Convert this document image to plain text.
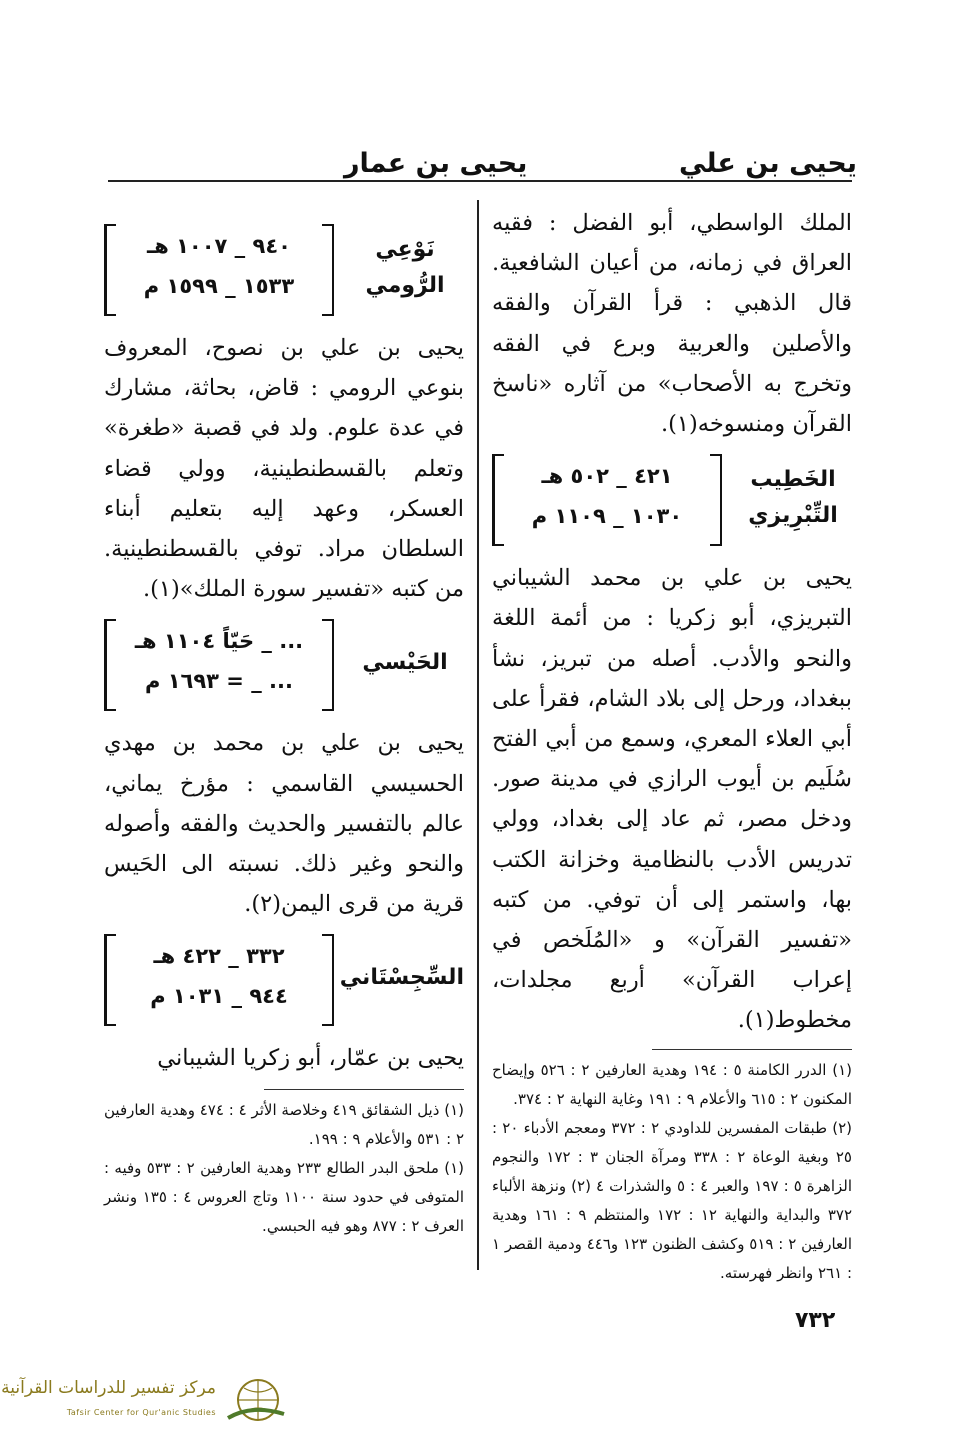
يحيى بن علي
يحيى بن عمار

الملك الواسطي، أبو الفضل : فقيه العراق في زمانه، من أعيان الشافعية. قال الذهبي : قرأ القرآن والفقه والأصلين والعربية وبرع في الفقه وتخرج به الأصحاب» من آثاره «ناسخ القرآن ومنسوخه(١).

الخَطِيب
التِّبْرِيزي
٤٢١ _ ٥٠٢ هـ
١٠٣٠ _ ١١٠٩ م

يحيى بن علي بن محمد الشيباني التبريزي، أبو زكريا : من أئمة اللغة والنحو والأدب. أصله من تبريز، نشأ ببغداد، ورحل إلى بلاد الشام، فقرأ على أبي العلاء المعري، وسمع من أبي الفتح سُلَيم بن أيوب الرازي في مدينة صور. ودخل مصر، ثم عاد إلى بغداد، وولي تدريس الأدب بالنظامية وخزانة الكتب بها، واستمر إلى أن توفي. من كتبه «تفسير القرآن» و «المُلَخص في إعراب القرآن» أربع مجلدات، مخطوط(١).

(١) الدرر الكامنة ٥ : ١٩٤ وهدية العارفين ٢ : ٥٢٦ وإيضاح المكنون ٢ : ٦١٥ والأعلام ٩ : ١٩١ وغاية النهاية ٢ : ٣٧٤.

(٢) طبقات المفسرين للداودي ٢ : ٣٧٢ ومعجم الأدباء ٢٠ : ٢٥ وبغية الوعاة ٢ : ٣٣٨ ومرآة الجنان ٣ : ١٧٢ والنجوم الزاهرة ٥ : ١٩٧ والعبر ٤ : ٥ والشذرات ٤ (٢) ونزهة الألباء ٣٧٢ والبداية والنهاية ١٢ : ١٧٢ والمنتظم ٩ : ١٦١ وهدية العارفين ٢ : ٥١٩ وكشف الظنون ١٢٣ و٤٤٦ ودمية القصر ١ : ٢٦١ وانظر فهرسته.

نَوْعِي
الرُّومي
٩٤٠ _ ١٠٠٧ هـ
١٥٣٣ _ ١٥٩٩ م

يحيى بن علي بن نصوح، المعروف بنوعي الرومي : قاض، بحاثة، مشارك في عدة علوم. ولد في قصبة «طغرة» وتعلم بالقسطنطينية، وولي قضاء العسكر، وعهد إليه بتعليم أبناء السلطان مراد. توفي بالقسطنطينية. من كتبه «تفسير سورة الملك»(١).

الحَيْسي
... _ حَيّاً ١١٠٤ هـ
... _ = ١٦٩٣ م

يحيى بن علي بن محمد بن مهدي الحسيسي القاسمي : مؤرخ يماني، عالم بالتفسير والحديث والفقه وأصوله والنحو وغير ذلك. نسبته الى الحَيس قرية من قرى اليمن(٢).

السِّجِسْتَاني
٣٣٢ _ ٤٢٢ هـ
٩٤٤ _ ١٠٣١ م

يحيى بن عمّار، أبو زكريا الشيباني

(١) ذيل الشقائق ٤١٩ وخلاصة الأثر ٤ : ٤٧٤ وهدية العارفين ٢ : ٥٣١ والأعلام ٩ : ١٩٩.

(١) ملحق البدر الطالع ٢٣٣ وهدية العارفين ٢ : ٥٣٣ وفيه : المتوفى في حدود سنة ١١٠٠ وتاج العروس ٤ : ١٣٥ ونشر العرف ٢ : ٨٧٧ وهو فيه الحبسي.

٧٣٢
مركز تفسير للدراسات القرآنية
Tafsir Center for Qur'anic Studies
